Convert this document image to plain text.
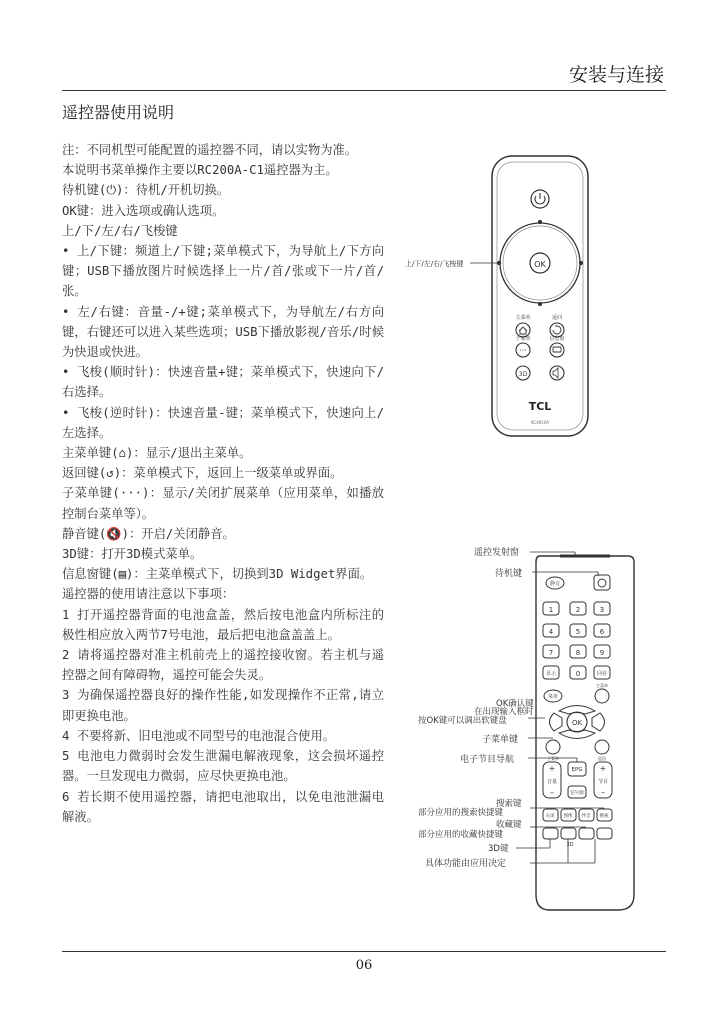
安装与连接
遥控器使用说明

注：不同机型可能配置的遥控器不同，请以实物为准。

本说明书菜单操作主要以RC200A-C1遥控器为主。

待机键(⏻)：待机/开机切换。

OK键：进入选项或确认选项。

上/下/左/右/飞梭键

• 上/下键：频道上/下键;菜单模式下，为导航上/下方向键；USB下播放图片时候选择上一片/首/张或下一片/首/张。

• 左/右键：音量-/+键;菜单模式下，为导航左/右方向键，右键还可以进入某些选项；USB下播放影视/音乐/时候为快退或快进。

• 飞梭(顺时针)：快速音量+键；菜单模式下，快速向下/右选择。

• 飞梭(逆时针)：快速音量-键；菜单模式下，快速向上/左选择。

主菜单键(⌂)：显示/退出主菜单。

返回键(↺)：菜单模式下，返回上一级菜单或界面。

子菜单键(···)：显示/关闭扩展菜单（应用菜单，如播放控制台菜单等）。

静音键(🔇)：开启/关闭静音。

3D键：打开3D模式菜单。

信息窗键(▤)：主菜单模式下，切换到3D Widget界面。

遥控器的使用请注意以下事项：

1 打开遥控器背面的电池盒盖，然后按电池盒内所标注的极性相应放入两节7号电池，最后把电池盒盖盖上。

2 请将遥控器对准主机前壳上的遥控接收窗。若主机与遥控器之间有障碍物，遥控可能会失灵。

3 为确保遥控器良好的操作性能,如发现操作不正常,请立即更换电池。

4 不要将新、旧电池或不同型号的电池混合使用。

5 电池电力微弱时会发生泄漏电解液现象，这会损坏遥控器。一旦发现电力微弱，应尽快更换电池。

6 若长期不使用遥控器，请把电池取出，以免电池泄漏电解液。

上/下/左/右/飞梭键	OK
主菜单	返回
子菜单	信息窗
···
3D
TCL
RC4910A
遥控发射窗
待机键
OK确认键
在出现输入框时
按OK键可以调出软键盘
子菜单键
电子节目导航
搜索键
部分应用的搜索快捷键
收藏键
部分应用的收藏快捷键
3D键
具体功能由应用决定
静音
1	2	3
4	5	6
7	8	9
显示	0	回看
主菜单
菜单
OK
子菜单	返回
+
音量
–
EPG
信号源
+
节目
–
关闭 图像 伴音 搜索
3D
06
